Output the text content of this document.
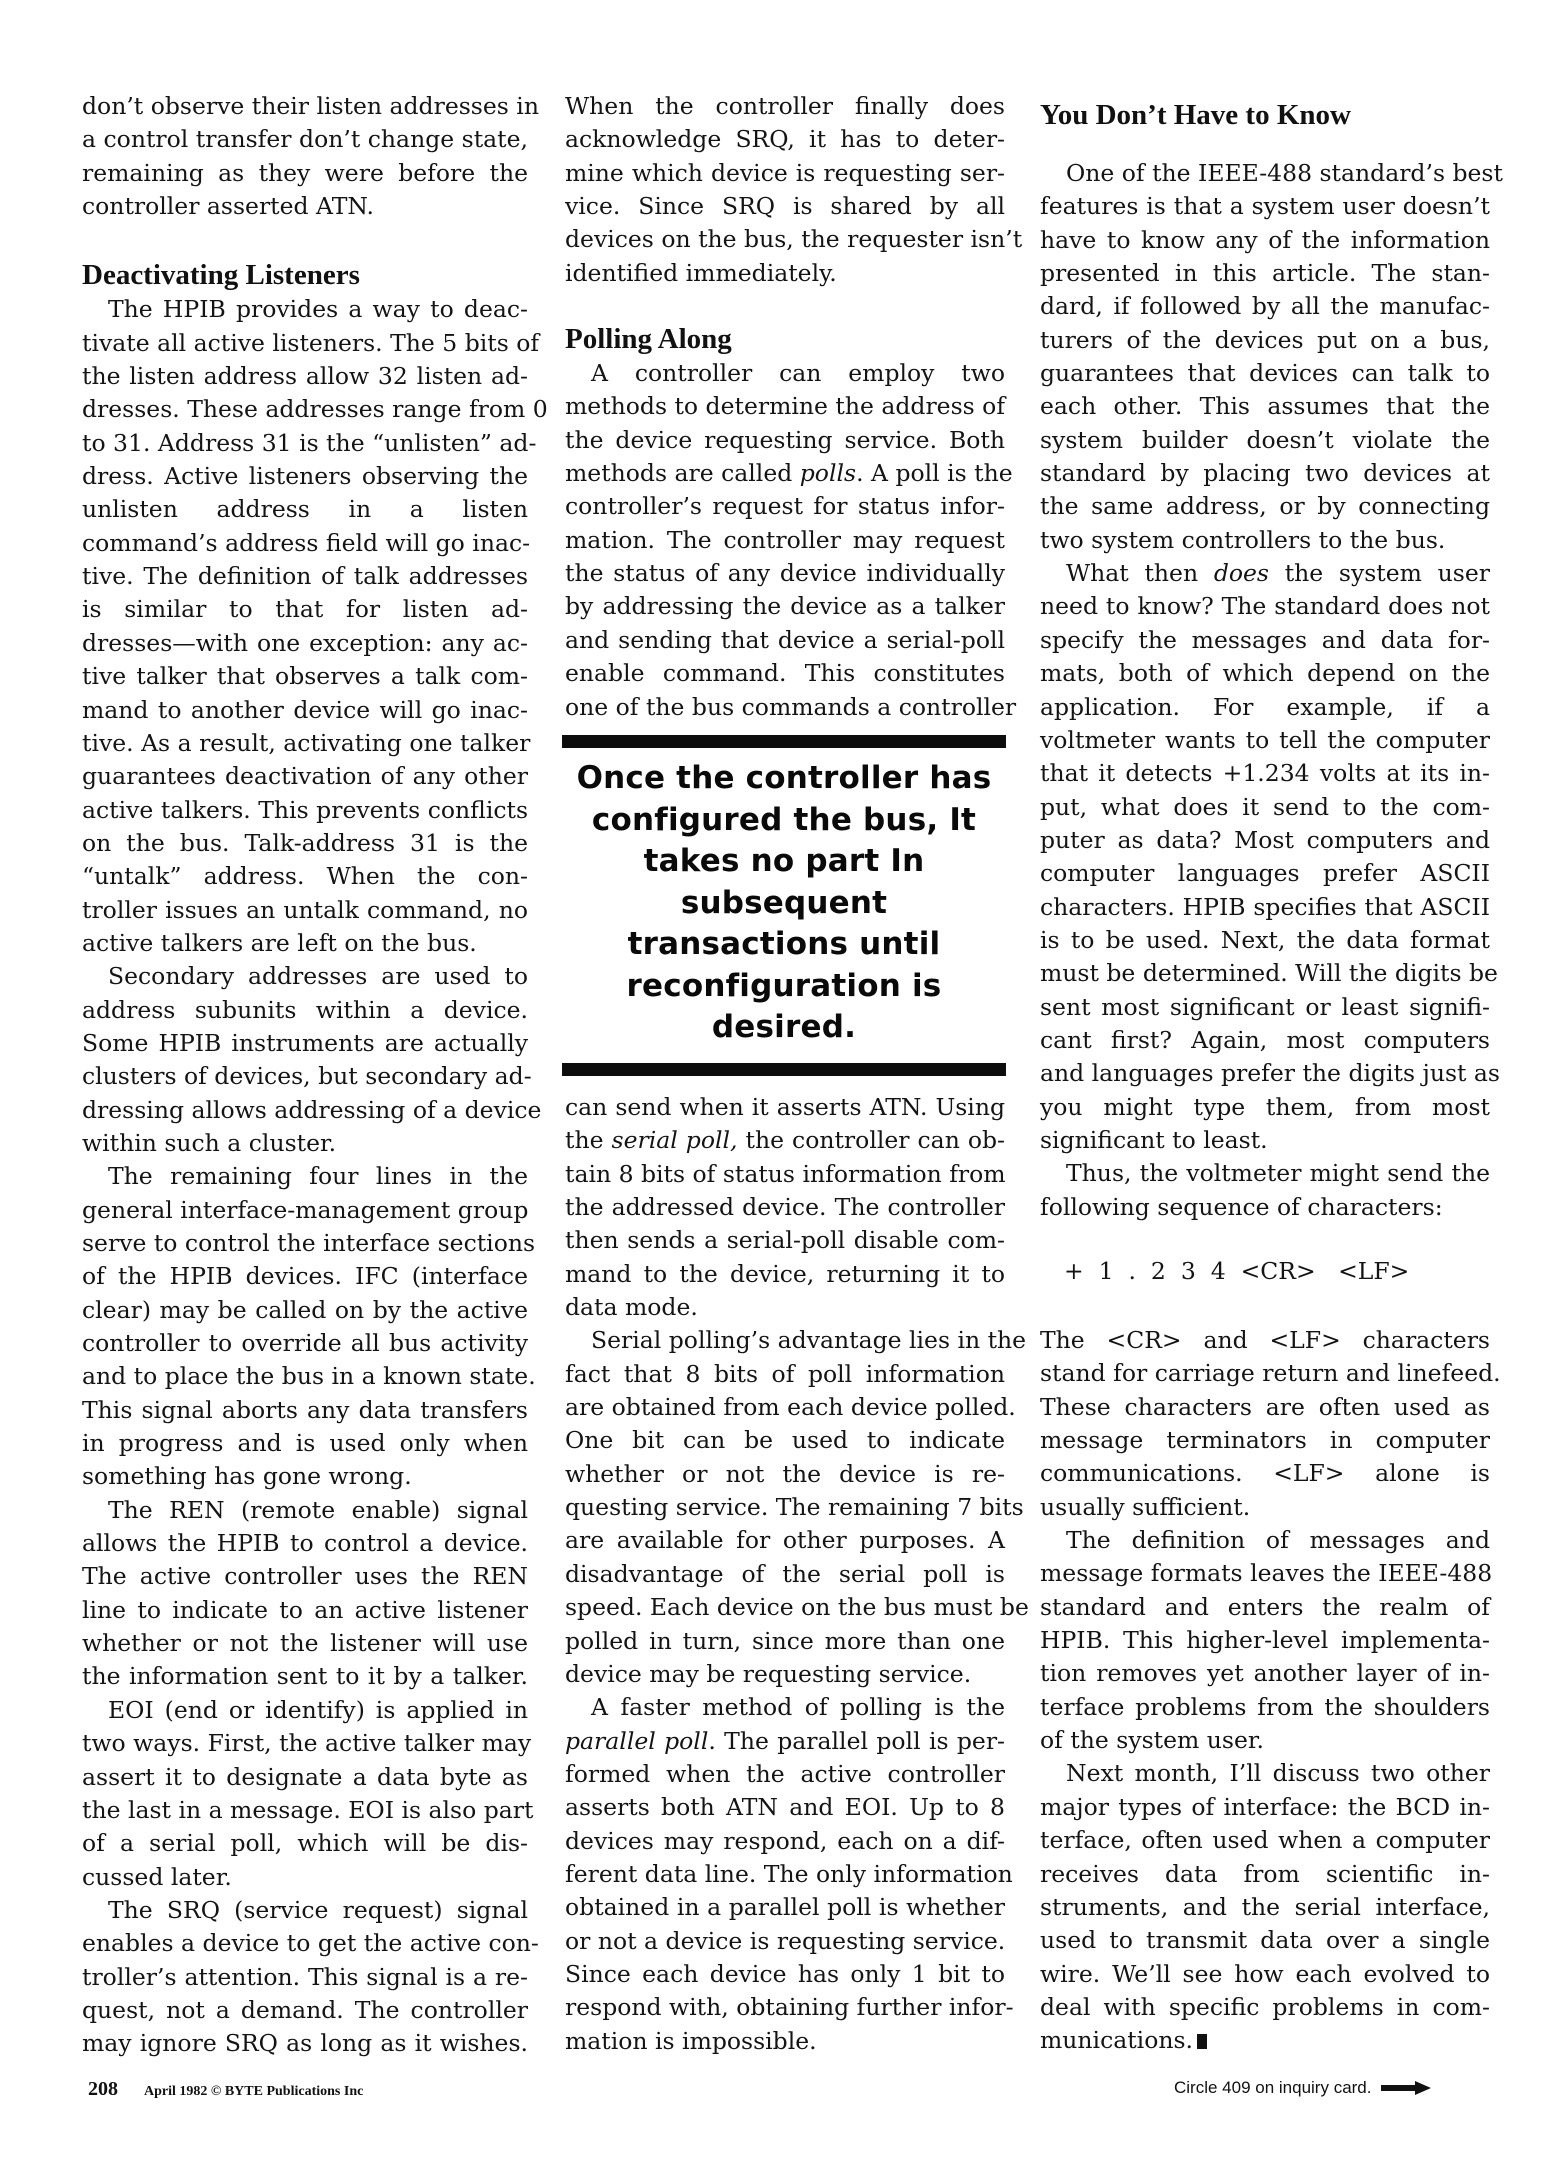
don’t observe their listen addresses in
a control transfer don’t change state,
remaining as they were before the
controller asserted ATN.
Deactivating Listeners
The HPIB provides a way to deac-
tivate all active listeners. The 5 bits of
the listen address allow 32 listen ad-
dresses. These addresses range from 0
to 31. Address 31 is the “unlisten” ad-
dress. Active listeners observing the
unlisten address in a listen
command’s address field will go inac-
tive. The definition of talk addresses
is similar to that for listen ad-
dresses—with one exception: any ac-
tive talker that observes a talk com-
mand to another device will go inac-
tive. As a result, activating one talker
guarantees deactivation of any other
active talkers. This prevents conflicts
on the bus. Talk-address 31 is the
“untalk” address. When the con-
troller issues an untalk command, no
active talkers are left on the bus.
Secondary addresses are used to
address subunits within a device.
Some HPIB instruments are actually
clusters of devices, but secondary ad-
dressing allows addressing of a device
within such a cluster.
The remaining four lines in the
general interface-management group
serve to control the interface sections
of the HPIB devices. IFC (interface
clear) may be called on by the active
controller to override all bus activity
and to place the bus in a known state.
This signal aborts any data transfers
in progress and is used only when
something has gone wrong.
The REN (remote enable) signal
allows the HPIB to control a device.
The active controller uses the REN
line to indicate to an active listener
whether or not the listener will use
the information sent to it by a talker.
EOI (end or identify) is applied in
two ways. First, the active talker may
assert it to designate a data byte as
the last in a message. EOI is also part
of a serial poll, which will be dis-
cussed later.
The SRQ (service request) signal
enables a device to get the active con-
troller’s attention. This signal is a re-
quest, not a demand. The controller
may ignore SRQ as long as it wishes.
When the controller finally does
acknowledge SRQ, it has to deter-
mine which device is requesting ser-
vice. Since SRQ is shared by all
devices on the bus, the requester isn’t
identified immediately.
Polling Along
A controller can employ two
methods to determine the address of
the device requesting service. Both
methods are called polls. A poll is the
controller’s request for status infor-
mation. The controller may request
the status of any device individually
by addressing the device as a talker
and sending that device a serial-poll
enable command. This constitutes
one of the bus commands a controller
Once the controller has
configured the bus, It
takes no part In
subsequent
transactions until
reconfiguration is
desired.
can send when it asserts ATN. Using
the serial poll, the controller can ob-
tain 8 bits of status information from
the addressed device. The controller
then sends a serial-poll disable com-
mand to the device, returning it to
data mode.
Serial polling’s advantage lies in the
fact that 8 bits of poll information
are obtained from each device polled.
One bit can be used to indicate
whether or not the device is re-
questing service. The remaining 7 bits
are available for other purposes. A
disadvantage of the serial poll is
speed. Each device on the bus must be
polled in turn, since more than one
device may be requesting service.
A faster method of polling is the
parallel poll. The parallel poll is per-
formed when the active controller
asserts both ATN and EOI. Up to 8
devices may respond, each on a dif-
ferent data line. The only information
obtained in a parallel poll is whether
or not a device is requesting service.
Since each device has only 1 bit to
respond with, obtaining further infor-
mation is impossible.
You Don’t Have to Know
One of the IEEE-488 standard’s best
features is that a system user doesn’t
have to know any of the information
presented in this article. The stan-
dard, if followed by all the manufac-
turers of the devices put on a bus,
guarantees that devices can talk to
each other. This assumes that the
system builder doesn’t violate the
standard by placing two devices at
the same address, or by connecting
two system controllers to the bus.
What then does the system user
need to know? The standard does not
specify the messages and data for-
mats, both of which depend on the
application. For example, if a
voltmeter wants to tell the computer
that it detects +1.234 volts at its in-
put, what does it send to the com-
puter as data? Most computers and
computer languages prefer ASCII
characters. HPIB specifies that ASCII
is to be used. Next, the data format
must be determined. Will the digits be
sent most significant or least signifi-
cant first? Again, most computers
and languages prefer the digits just as
you might type them, from most
significant to least.
Thus, the voltmeter might send the
following sequence of characters:
+  1  .  2  3  4  <CR>   <LF>
The <CR> and <LF> characters
stand for carriage return and linefeed.
These characters are often used as
message terminators in computer
communications. <LF> alone is
usually sufficient.
The definition of messages and
message formats leaves the IEEE-488
standard and enters the realm of
HPIB. This higher-level implementa-
tion removes yet another layer of in-
terface problems from the shoulders
of the system user.
Next month, I’ll discuss two other
major types of interface: the BCD in-
terface, often used when a computer
receives data from scientific in-
struments, and the serial interface,
used to transmit data over a single
wire. We’ll see how each evolved to
deal with specific problems in com-
munications.
208 April 1982 © BYTE Publications Inc	Circle 409 on inquiry card.
